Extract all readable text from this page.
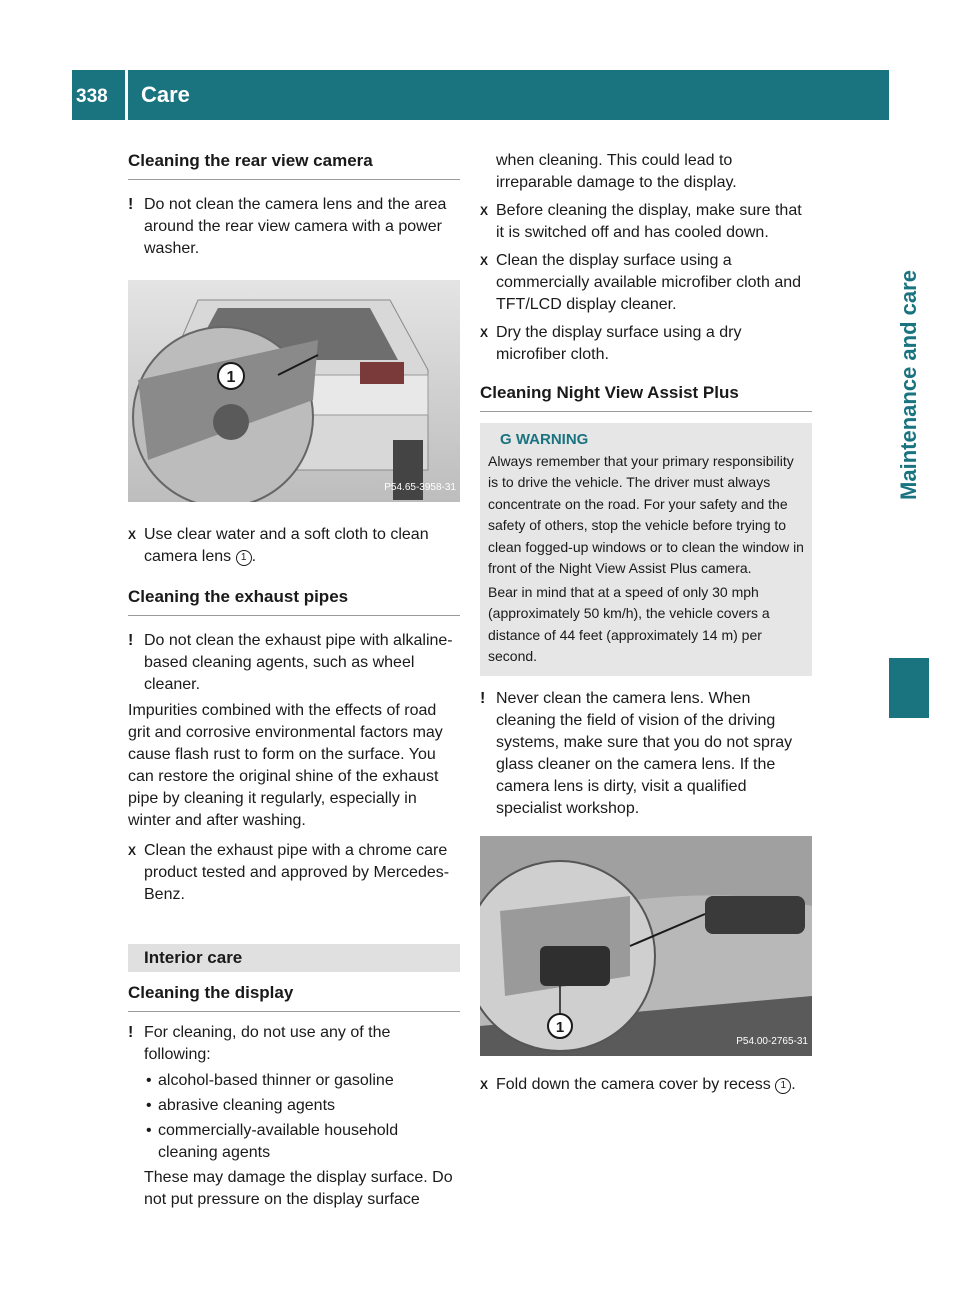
338 Care
Maintenance and care
Cleaning the rear view camera
! Do not clean the camera lens and the area around the rear view camera with a power washer.
1
P54.65-3958-31
X Use clear water and a soft cloth to clean camera lens 1 .
Cleaning the exhaust pipes
! Do not clean the exhaust pipe with alkaline-based cleaning agents, such as wheel cleaner.

Impurities combined with the effects of road grit and corrosive environmental factors may cause flash rust to form on the surface. You can restore the original shine of the exhaust pipe by cleaning it regularly, especially in winter and after washing.

X Clean the exhaust pipe with a chrome care product tested and approved by Mercedes-Benz.
Interior care
Cleaning the display
! For cleaning, do not use any of the following:
• alcohol-based thinner or gasoline
• abrasive cleaning agents
• commercially-available household cleaning agents

These may damage the display surface. Do not put pressure on the display surface

when cleaning. This could lead to irreparable damage to the display.

X Before cleaning the display, make sure that it is switched off and has cooled down.
X Clean the display surface using a commercially available microfiber cloth and TFT/LCD display cleaner.
X Dry the display surface using a dry microfiber cloth.
Cleaning Night View Assist Plus
G WARNING

Always remember that your primary responsibility is to drive the vehicle. The driver must always concentrate on the road. For your safety and the safety of others, stop the vehicle before trying to clean fogged-up windows or to clean the window in front of the Night View Assist Plus camera.

Bear in mind that at a speed of only 30 mph (approximately 50 km/h), the vehicle covers a distance of 44 feet (approximately 14 m) per second.

! Never clean the camera lens. When cleaning the field of vision of the driving systems, make sure that you do not spray glass cleaner on the camera lens. If the camera lens is dirty, visit a qualified specialist workshop.
1
P54.00-2765-31
X Fold down the camera cover by recess 1 .
